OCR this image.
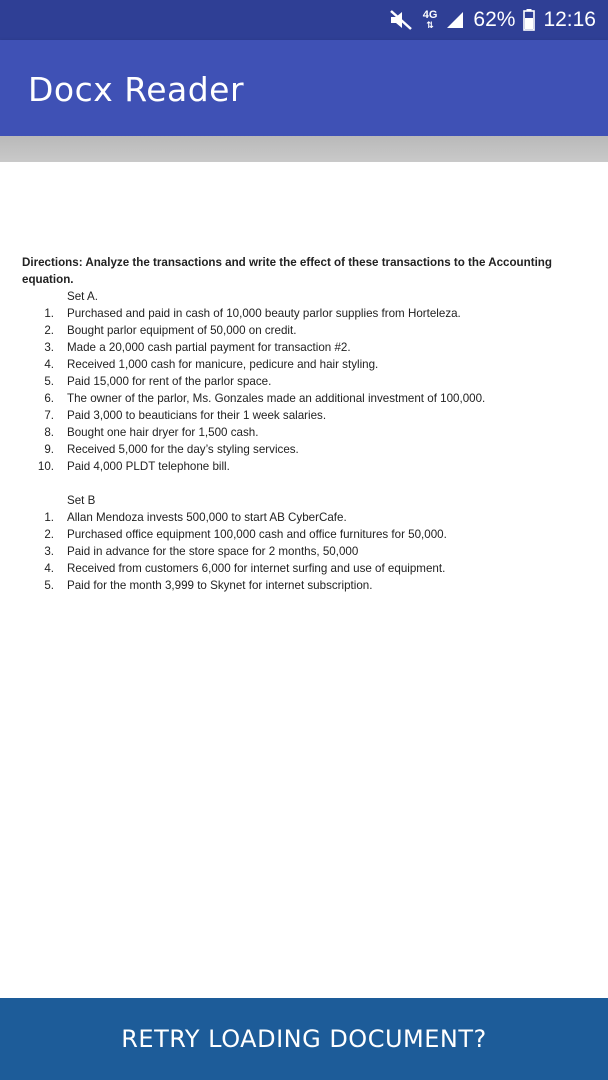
4G
⇅ 62% 12:16
Docx Reader

Directions: Analyze the transactions and write the effect of these transactions to the Accounting equation.

Set A.
1. Purchased and paid in cash of 10,000 beauty parlor supplies from Horteleza.
2. Bought parlor equipment of 50,000 on credit.
3. Made a 20,000 cash partial payment for transaction #2.
4. Received 1,000 cash for manicure, pedicure and hair styling.
5. Paid 15,000 for rent of the parlor space.
6. The owner of the parlor, Ms. Gonzales made an additional investment of 100,000.
7. Paid 3,000 to beauticians for their 1 week salaries.
8. Bought one hair dryer for 1,500 cash.
9. Received 5,000 for the day’s styling services.
10. Paid 4,000 PLDT telephone bill.
Set B
1. Allan Mendoza invests 500,000 to start AB CyberCafe.
2. Purchased office equipment 100,000 cash and office furnitures for 50,000.
3. Paid in advance for the store space for 2 months, 50,000
4. Received from customers 6,000 for internet surfing and use of equipment.
5. Paid for the month 3,999 to Skynet for internet subscription.
RETRY LOADING DOCUMENT?
